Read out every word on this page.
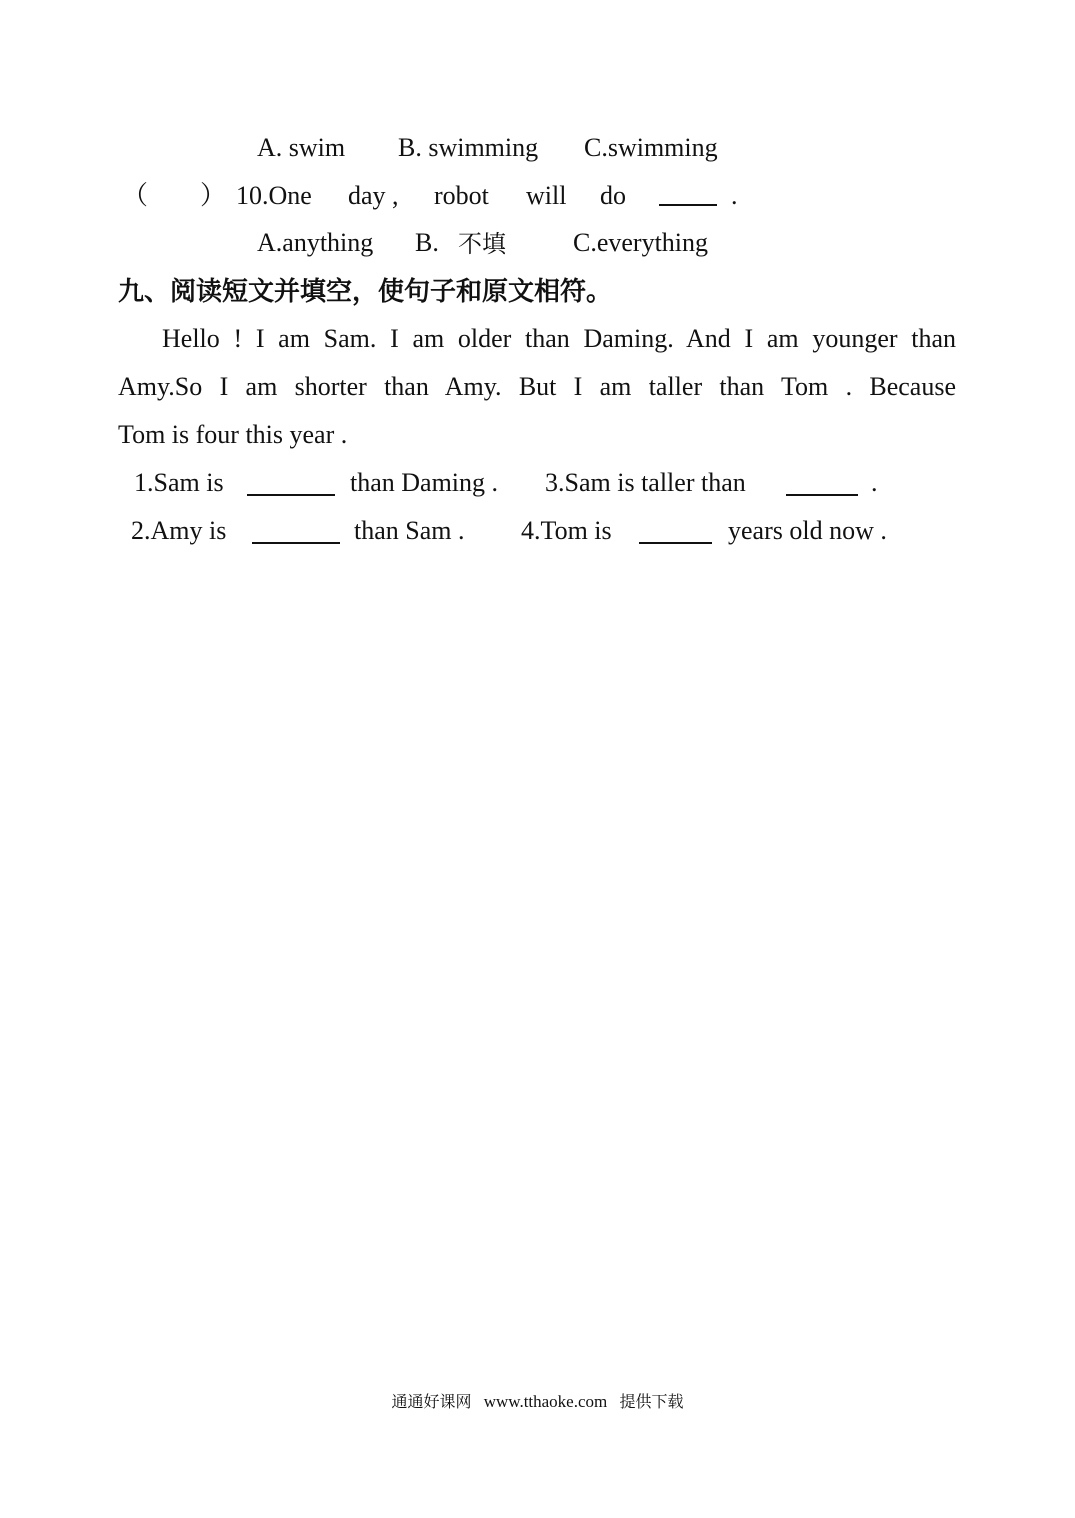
A. swim B. swimming C.swimming
（ ） 10.One day , robot will do	.
A.anything B. 不填	C.everything
九、阅读短文并填空，使句子和原文相符。
Hello ! I am Sam. I am older than Daming. And I am younger than
Amy.So I am shorter than Amy. But I am taller than Tom . Because
Tom is four this year .
1.Sam is	than Daming . 3.Sam is taller than	.
2.Amy is	than Sam . 4.Tom is	years old now .
通通好课网 www.tthaoke.com 提供下载
